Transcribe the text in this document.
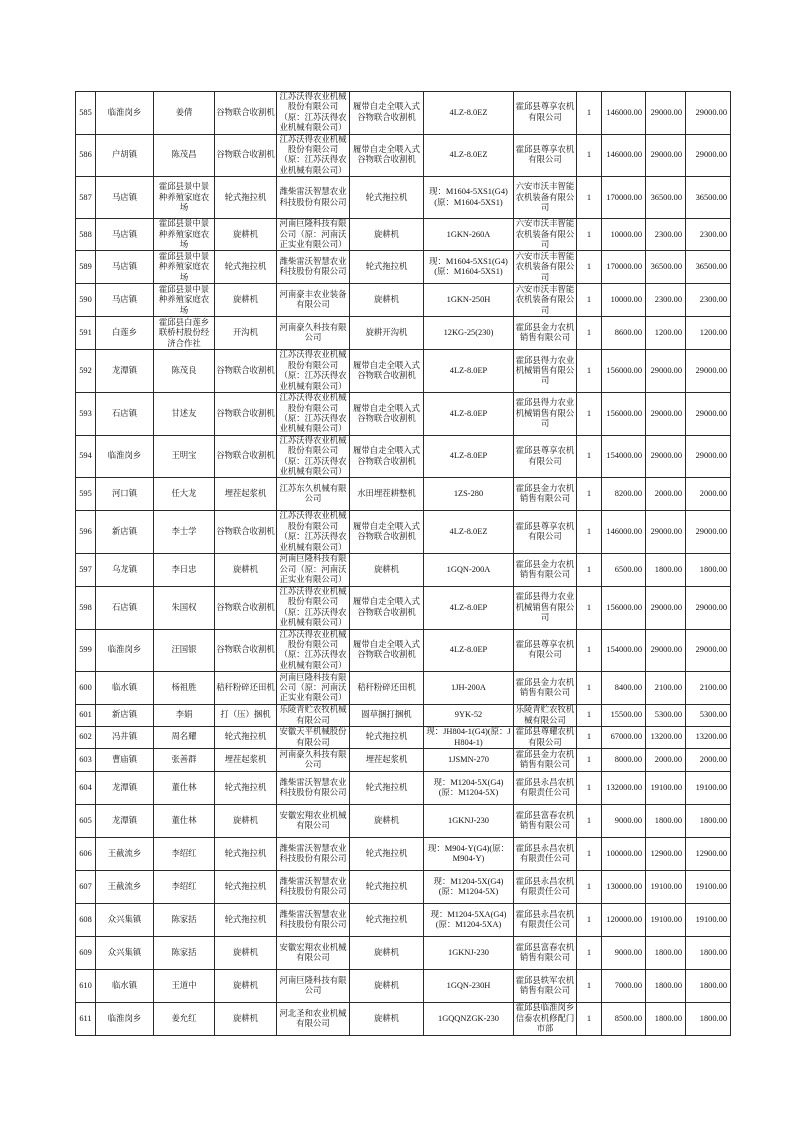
585	临淮岗乡	姜倩	谷物联合收割机	江苏沃得农业机械股份有限公司（原：江苏沃得农业机械有限公司）	履带自走全喂入式谷物联合收割机	4LZ-8.0EZ	霍邱县尊享农机有限公司	1	146000.00	29000.00	29000.00
586	户胡镇	陈茂昌	谷物联合收割机	江苏沃得农业机械股份有限公司（原：江苏沃得农业机械有限公司）	履带自走全喂入式谷物联合收割机	4LZ-8.0EZ	霍邱县尊享农机有限公司	1	146000.00	29000.00	29000.00
587	马店镇	霍邱县景中景种养殖家庭农场	轮式拖拉机	潍柴雷沃智慧农业科技股份有限公司	轮式拖拉机	现：M1604-5XS1(G4)(原：M1604-5XS1)	六安市沃丰智能农机装备有限公司	1	170000.00	36500.00	36500.00
588	马店镇	霍邱县景中景种养殖家庭农场	旋耕机	河南巨隆科技有限公司（原：河南沃正实业有限公司）	旋耕机	1GKN-260A	六安市沃丰智能农机装备有限公司	1	10000.00	2300.00	2300.00
589	马店镇	霍邱县景中景种养殖家庭农场	轮式拖拉机	潍柴雷沃智慧农业科技股份有限公司	轮式拖拉机	现：M1604-5XS1(G4)(原：M1604-5XS1)	六安市沃丰智能农机装备有限公司	1	170000.00	36500.00	36500.00
590	马店镇	霍邱县景中景种养殖家庭农场	旋耕机	河南豪丰农业装备有限公司	旋耕机	1GKN-250H	六安市沃丰智能农机装备有限公司	1	10000.00	2300.00	2300.00
591	白莲乡	霍邱县白莲乡联桥村股份经济合作社	开沟机	河南豪久科技有限公司	旋耕开沟机	12KG-25(230)	霍邱县金力农机销售有限公司	1	8600.00	1200.00	1200.00
592	龙潭镇	陈茂良	谷物联合收割机	江苏沃得农业机械股份有限公司（原：江苏沃得农业机械有限公司）	履带自走全喂入式谷物联合收割机	4LZ-8.0EP	霍邱县得力农业机械销售有限公司	1	156000.00	29000.00	29000.00
593	石店镇	甘述友	谷物联合收割机	江苏沃得农业机械股份有限公司（原：江苏沃得农业机械有限公司）	履带自走全喂入式谷物联合收割机	4LZ-8.0EP	霍邱县得力农业机械销售有限公司	1	156000.00	29000.00	29000.00
594	临淮岗乡	王明宝	谷物联合收割机	江苏沃得农业机械股份有限公司（原：江苏沃得农业机械有限公司）	履带自走全喂入式谷物联合收割机	4LZ-8.0EP	霍邱县尊享农机有限公司	1	154000.00	29000.00	29000.00
595	河口镇	任大龙	埋茬起浆机	江苏东久机械有限公司	水田埋茬耕整机	1ZS-280	霍邱县金力农机销售有限公司	1	8200.00	2000.00	2000.00
596	新店镇	李士学	谷物联合收割机	江苏沃得农业机械股份有限公司（原：江苏沃得农业机械有限公司）	履带自走全喂入式谷物联合收割机	4LZ-8.0EZ	霍邱县尊享农机有限公司	1	146000.00	29000.00	29000.00
597	乌龙镇	李日忠	旋耕机	河南巨隆科技有限公司（原：河南沃正实业有限公司）	旋耕机	1GQN-200A	霍邱县金力农机销售有限公司	1	6500.00	1800.00	1800.00
598	石店镇	朱国权	谷物联合收割机	江苏沃得农业机械股份有限公司（原：江苏沃得农业机械有限公司）	履带自走全喂入式谷物联合收割机	4LZ-8.0EP	霍邱县得力农业机械销售有限公司	1	156000.00	29000.00	29000.00
599	临淮岗乡	汪国银	谷物联合收割机	江苏沃得农业机械股份有限公司（原：江苏沃得农业机械有限公司）	履带自走全喂入式谷物联合收割机	4LZ-8.0EP	霍邱县尊享农机有限公司	1	154000.00	29000.00	29000.00
600	临水镇	杨祖胜	秸秆粉碎还田机	河南巨隆科技有限公司（原：河南沃正实业有限公司）	秸秆粉碎还田机	1JH-200A	霍邱县金力农机销售有限公司	1	8400.00	2100.00	2100.00
601	新店镇	李娟	打（压）捆机	乐陵青贮农牧机械有限公司	圆草捆打捆机	9YK-52	乐陵青贮农牧机械有限公司	1	15500.00	5300.00	5300.00
602	冯井镇	周名耀	轮式拖拉机	安徽天平机械股份有限公司	轮式拖拉机	现：JH804-1(G4)(原：JH804-1)	霍邱县尊耀农机有限公司	1	67000.00	13200.00	13200.00
603	曹庙镇	张善群	埋茬起浆机	河南豪久科技有限公司	埋茬起浆机	1JSMN-270	霍邱县金力农机销售有限公司	1	8000.00	2000.00	2000.00
604	龙潭镇	董仕林	轮式拖拉机	潍柴雷沃智慧农业科技股份有限公司	轮式拖拉机	现：M1204-5X(G4)(原：M1204-5X)	霍邱县永昌农机有限责任公司	1	132000.00	19100.00	19100.00
605	龙潭镇	董仕林	旋耕机	安徽宏翔农业机械有限公司	旋耕机	1GKNJ-230	霍邱县富春农机销售有限公司	1	9000.00	1800.00	1800.00
606	王截流乡	李绍红	轮式拖拉机	潍柴雷沃智慧农业科技股份有限公司	轮式拖拉机	现：M904-Y(G4)(原：M904-Y)	霍邱县永昌农机有限责任公司	1	100000.00	12900.00	12900.00
607	王截流乡	李绍红	轮式拖拉机	潍柴雷沃智慧农业科技股份有限公司	轮式拖拉机	现：M1204-5X(G4)(原：M1204-5X)	霍邱县永昌农机有限责任公司	1	130000.00	19100.00	19100.00
608	众兴集镇	陈家括	轮式拖拉机	潍柴雷沃智慧农业科技股份有限公司	轮式拖拉机	现：M1204-5XA(G4)(原：M1204-5XA)	霍邱县永昌农机有限责任公司	1	120000.00	19100.00	19100.00
609	众兴集镇	陈家括	旋耕机	安徽宏翔农业机械有限公司	旋耕机	1GKNJ-230	霍邱县富春农机销售有限公司	1	9000.00	1800.00	1800.00
610	临水镇	王道中	旋耕机	河南巨隆科技有限公司	旋耕机	1GQN-230H	霍邱县轶军农机销售有限公司	1	7000.00	1800.00	1800.00
611	临淮岗乡	姜允红	旋耕机	河北圣和农业机械有限公司	旋耕机	1GQQNZGK-230	霍邱县临淮岗乡信泰农机修配门市部	1	8500.00	1800.00	1800.00
